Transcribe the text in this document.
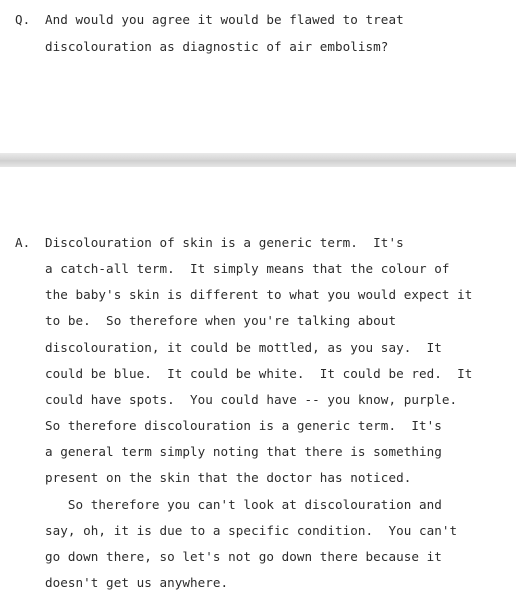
Q. And would you agree it would be flawed to treat
discolouration as diagnostic of air embolism?
A. Discolouration of skin is a generic term.  It's
a catch-all term.  It simply means that the colour of
the baby's skin is different to what you would expect it
to be.  So therefore when you're talking about
discolouration, it could be mottled, as you say.  It
could be blue.  It could be white.  It could be red.  It
could have spots.  You could have -- you know, purple.
So therefore discolouration is a generic term.  It's
a general term simply noting that there is something
present on the skin that the doctor has noticed.
So therefore you can't look at discolouration and
say, oh, it is due to a specific condition.  You can't
go down there, so let's not go down there because it
doesn't get us anywhere.
